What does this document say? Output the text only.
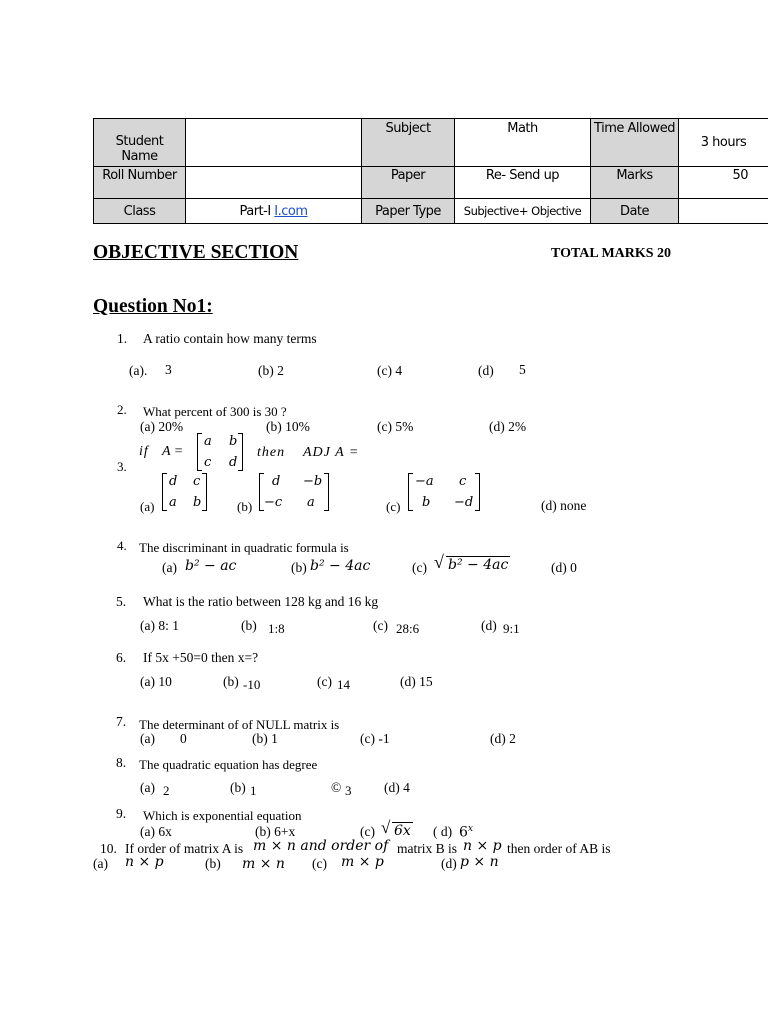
Student Name		Subject	Math	Time Allowed	3 hours
Roll Number		Paper	Re- Send up	Marks	50
Class	Part-I I.com	Paper Type	Subjective+ Objective	Date	
OBJECTIVE SECTION	TOTAL MARKS 20
Question No1:
1. A ratio contain how many terms
(a). 3	(b) 2	(c) 4	(d) 5
2. What percent of 300 is 30 ?
(a) 20%	(b) 10%	(c) 5%	(d) 2%
3.
if A =
a b
c d
then ADJ A =
(a)
d c
a b	(b)
d −b
−c a	(c)
−a c
b −d	(d) none
4. The discriminant in quadratic formula is
(a) b² − ac	(b) b² − 4ac	(c) √ b² − 4ac	(d) 0
5. What is the ratio between 128 kg and 16 kg
(a) 8: 1	(b) 1:8	(c) 28:6	(d) 9:1
6. If 5x +50=0 then x=?
(a) 10	(b) -10	(c) 14	(d) 15
7. The determinant of of NULL matrix is
(a) 0	(b) 1	(c) -1	(d) 2
8. The quadratic equation has degree
(a) 2	(b) 1	© 3 (d) 4
9. Which is exponential equation
(a) 6x	(b) 6+x	(c) √ 6x ( d) 6$^x$
10. If order of matrix A is m × n and order of matrix B is n × p then order of AB is
(a) n × p	(b) m × n (c) m × p	(d) p × n
